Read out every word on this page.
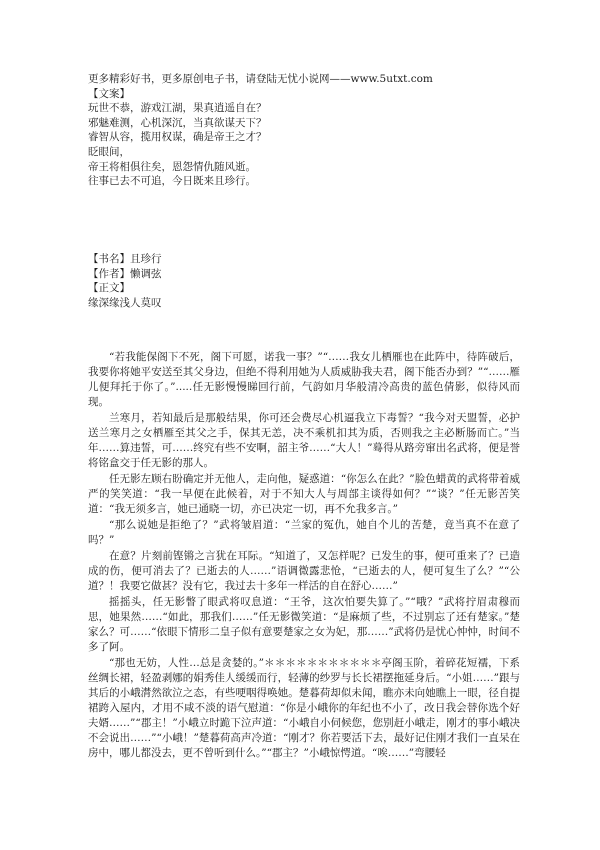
更多精彩好书，更多原创电子书，请登陆无忧小说网——www.5utxt.com
【文案】
玩世不恭，游戏江湖，果真逍遥自在？
邪魅难测，心机深沉，当真欲谋天下？
睿智从容，揽用权谋，确是帝王之才？
眨眼间，
帝王将相俱往矣，恩怨情仇随风逝。
往事已去不可追，今日既来且珍行。
【书名】且珍行
【作者】懒调弦
【正文】
缘深缘浅人莫叹

“若我能保阁下不死，阁下可愿，诺我一事？”“……我女儿栖雁也在此阵中，待阵破后，我要你将她平安送至其父身边，但绝不得利用她为人质威胁我夫君，阁下能否办到？”“……雁儿便拜托于你了。”.....任无影慢慢睇回行前，气韵如月华般清冷高贵的蓝色倩影，似待风而现。

兰寒月，若知最后是那般结果，你可还会费尽心机逼我立下毒誓？“我今对天盟誓，必护送兰寒月之女栖雁至其父之手，保其无恙，决不乘机扣其为质，否则我之主必断肠而亡。”当年……算违誓，可……终究有些不安啊，韶主爷……“大人！”蓦得从路旁窜出名武将，便是誉将铭盒交于任无影的那人。

任无影左顾右盼确定并无他人，走向他，疑惑道：“你怎么在此？”脸色蜡黄的武将带着威严的笑笑道：“我一早便在此候着，对于不知大人与周部主谈得如何？”“谈？”任无影苦笑道：“我无须多言，她已通晓一切，亦已决定一切，再不允我多言。”

“那么说她是拒绝了？”武将皱眉道：“兰家的冤仇，她自个儿的苦楚，竟当真不在意了吗？”

在意？片刻前铿锵之言犹在耳际。“知道了，又怎样呢？已发生的事，便可重来了？已造成的伤，便可消去了？已逝去的人……”语调微露悲怆，“已逝去的人，便可复生了么？”“公道？！我要它做甚？没有它，我过去十多年一样活的自在舒心……”

摇摇头，任无影瞥了眼武将叹息道：“王爷，这次怕要失算了。”“哦？”武将拧眉肃穆而思，她果然……“如此，那我们……”任无影微笑道：“是麻烦了些，不过别忘了还有楚家。”楚家么？可……“依眼下情形二皇子似有意要楚家之女为妃，那……”武将仍是忧心忡忡，时间不多了阿。

“那也无妨，人性…总是贪婪的。”＊＊＊＊＊＊＊＊＊＊＊亭阁玉阶，着碎花短襦，下系丝绸长裙，轻盈剥娜的娟秀佳人缓缓而行，轻薄的纱罗与长长裙摆拖延身后。“小姐……”跟与其后的小峨潸然欲泣之态，有些哽咽得唤她。楚暮荷却似未闻，瞧亦未向她瞧上一眼，径自提裙跨入屋内，才用不咸不淡的语气慰道：“你是小峨你的年纪也不小了，改日我会替你选个好夫婿……”“郡主！”小峨立时跪下泣声道：“小峨自小伺候您，您别赶小峨走，刚才的事小峨决不会说出……”“小峨！”楚暮荷高声冷道：“刚才？你若要活下去，最好记住刚才我们一直呆在房中，哪儿都没去，更不曾听到什么。”“郡主？”小峨惊愕道。“唉……”弯腰轻
